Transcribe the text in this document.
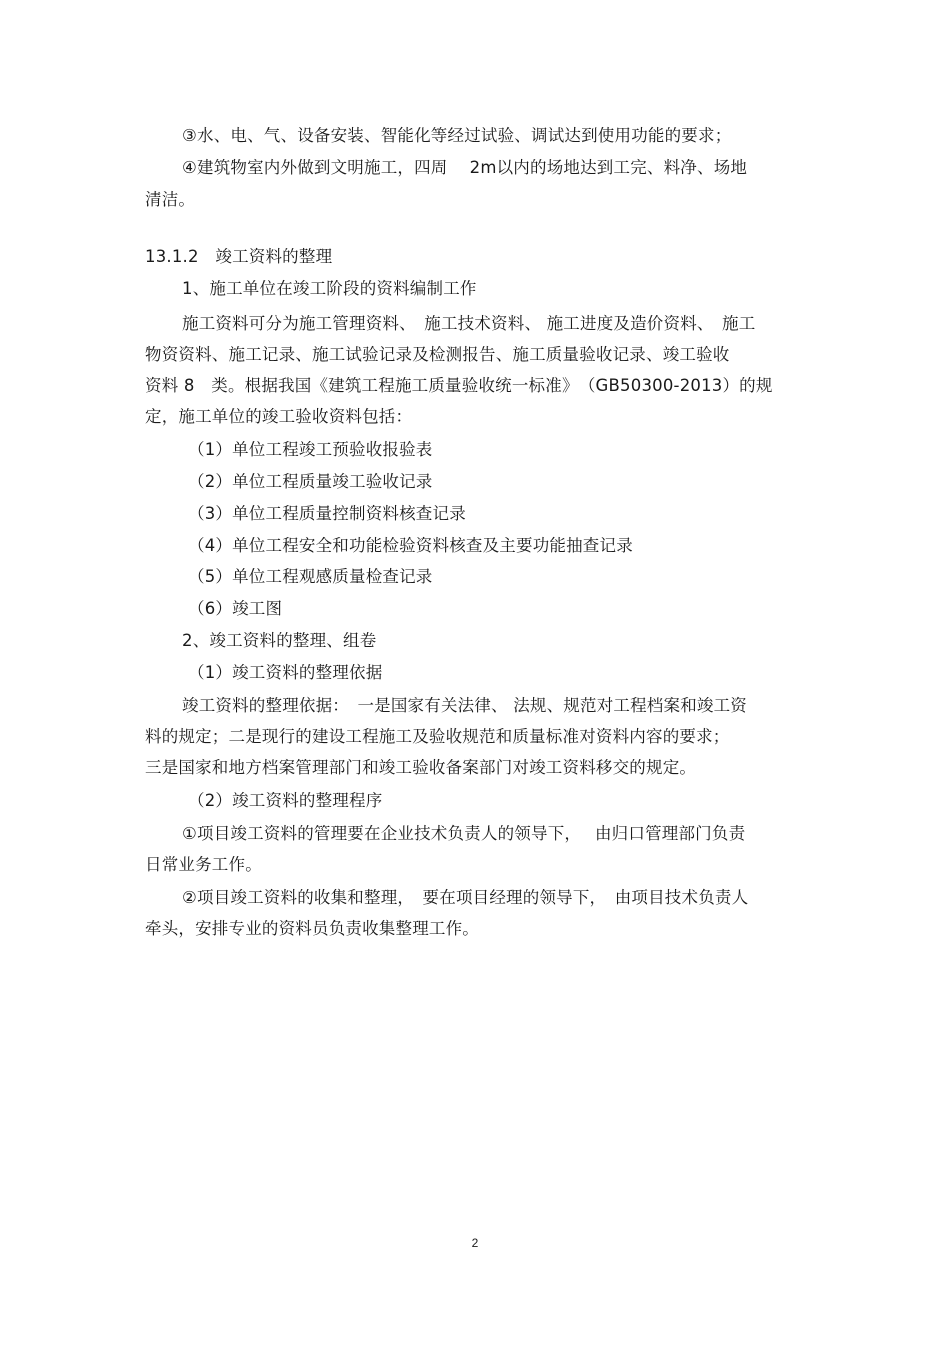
③水、电、气、设备安装、智能化等经过试验、调试达到使用功能的要求；
④建筑物室内外做到文明施工，四周　 2m以内的场地达到工完、料净、场地
清洁。
13.1.2　竣工资料的整理
1、施工单位在竣工阶段的资料编制工作
施工资料可分为施工管理资料、　施工技术资料、 施工进度及造价资料、　施工
物资资料、施工记录、施工试验记录及检测报告、施工质量验收记录、竣工验收
资料 8　类。根据我国《建筑工程施工质量验收统一标准》　（GB50300-2013）的规
定，施工单位的竣工验收资料包括：
（1）单位工程竣工预验收报验表
（2）单位工程质量竣工验收记录
（3）单位工程质量控制资料核查记录
（4）单位工程安全和功能检验资料核查及主要功能抽查记录
（5）单位工程观感质量检查记录
（6）竣工图
2、竣工资料的整理、组卷
（1）竣工资料的整理依据
竣工资料的整理依据：　一是国家有关法律、 法规、规范对工程档案和竣工资
料的规定；二是现行的建设工程施工及验收规范和质量标准对资料内容的要求；
三是国家和地方档案管理部门和竣工验收备案部门对竣工资料移交的规定。
（2）竣工资料的整理程序
①项目竣工资料的管理要在企业技术负责人的领导下，　 由归口管理部门负责
日常业务工作。
②项目竣工资料的收集和整理，　要在项目经理的领导下，　由项目技术负责人
牵头，安排专业的资料员负责收集整理工作。
2
